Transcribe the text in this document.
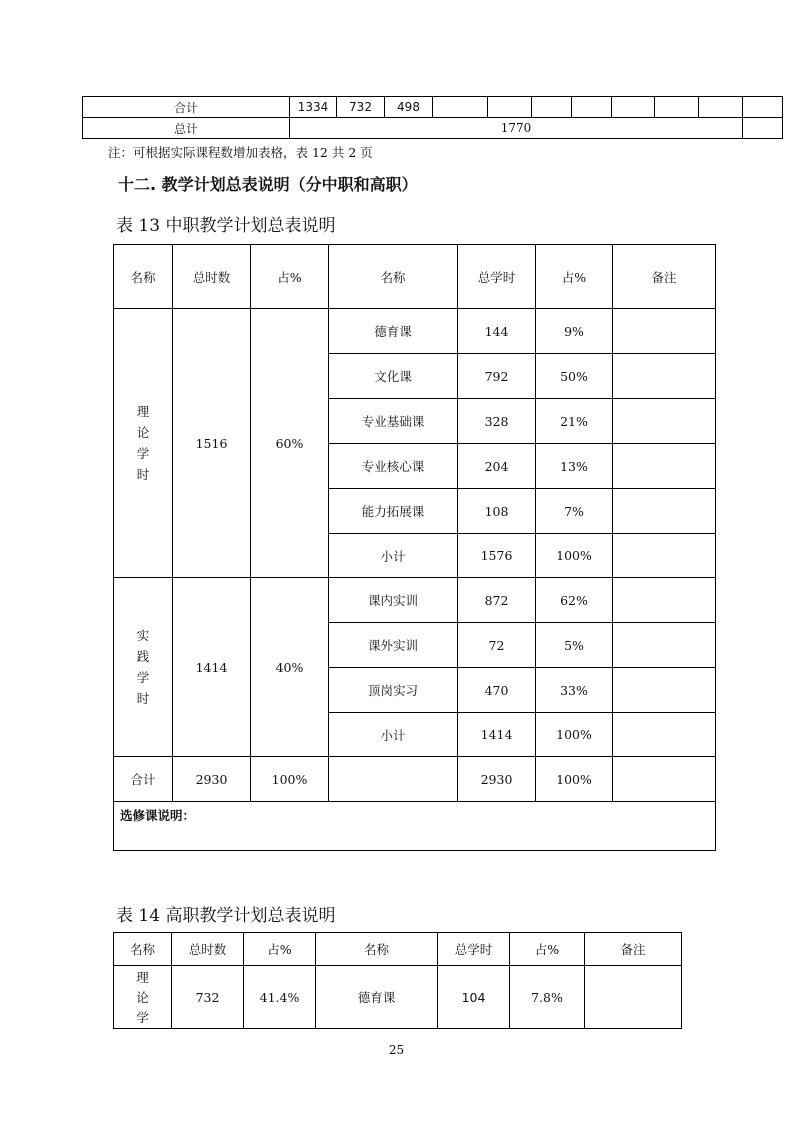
合计	1334	732	498								
总计	1770										
注：可根据实际课程数增加表格，表 12 共 2 页
十二. 教学计划总表说明（分中职和高职）
表 13 中职教学计划总表说明
名称	总时数	占%	名称	总学时	占%	备注
理论学时	1516	60%	德育课	144	9%	
			文化课	792	50%	
			专业基础课	328	21%	
			专业核心课	204	13%	
			能力拓展课	108	7%	
			小计	1576	100%	
实践学时	1414	40%	课内实训	872	62%	
			课外实训	72	5%	
			顶岗实习	470	33%	
			小计	1414	100%	
合计	2930	100%		2930	100%	
选修课说明：						
表 14 高职教学计划总表说明
名称	总时数	占%	名称	总学时	占%	备注
理论学	732	41.4%	德育课	104	7.8%	
25
